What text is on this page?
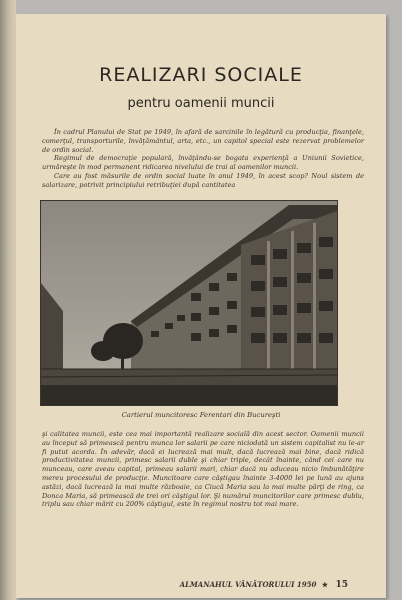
REALIZARI SOCIALE
pentru oamenii muncii

În cadrul Planului de Stat pe 1949, în afară de sarcinile în legătură cu producţia, finanţele, comerţul, transporturile, învăţământul, arta, etc., un capitol special este rezervat problemelor de ordin social.

Regimul de democraţie populară, învăţându-se bogata experienţă a Uniunii Sovietice, urmăreşte în mod permanent ridicarea nivelului de trai al oamenilor muncii.

Care au fost măsurile de ordin social luate în anul 1949, în acest scop? Noul sistem de salarizare, potrivit principiului retribuţiei după cantitatea

Cartierul muncitoresc Ferentari din Bucureşti

şi calitatea muncii, este cea mai importantă realizare socială din acest sector. Oamenii muncii au început să primească pentru munca lor salarii pe care niciodată un sistem capitalist nu le-ar fi putut acorda. În adevăr, dacă ei lucrează mai mult, dacă lucrează mai bine, dacă ridică productivitatea muncii, primesc salarii duble şi chiar triple, decât înainte, când cei care nu munceau, care aveau capital, primeau salarii mari, chiar dacă nu aduceau nicio îmbunătăţire mereu procesului de producţie. Muncitoare care câştigau înainte 3-4000 lei pe lună au ajuns astăzi, dacă lucrează la mai multe războaie, ca Ciucă Maria sau la mai multe părţi de ring, ca Donca Maria, să primească de trei ori câştigul lor. Şi numărul muncitorilor care primesc dublu, triplu sau chiar mărit cu 200% câştigul, este în regimul nostru tot mai mare.

ALMANAHUL VÂNĂTORULUI 1950 ★ 15
